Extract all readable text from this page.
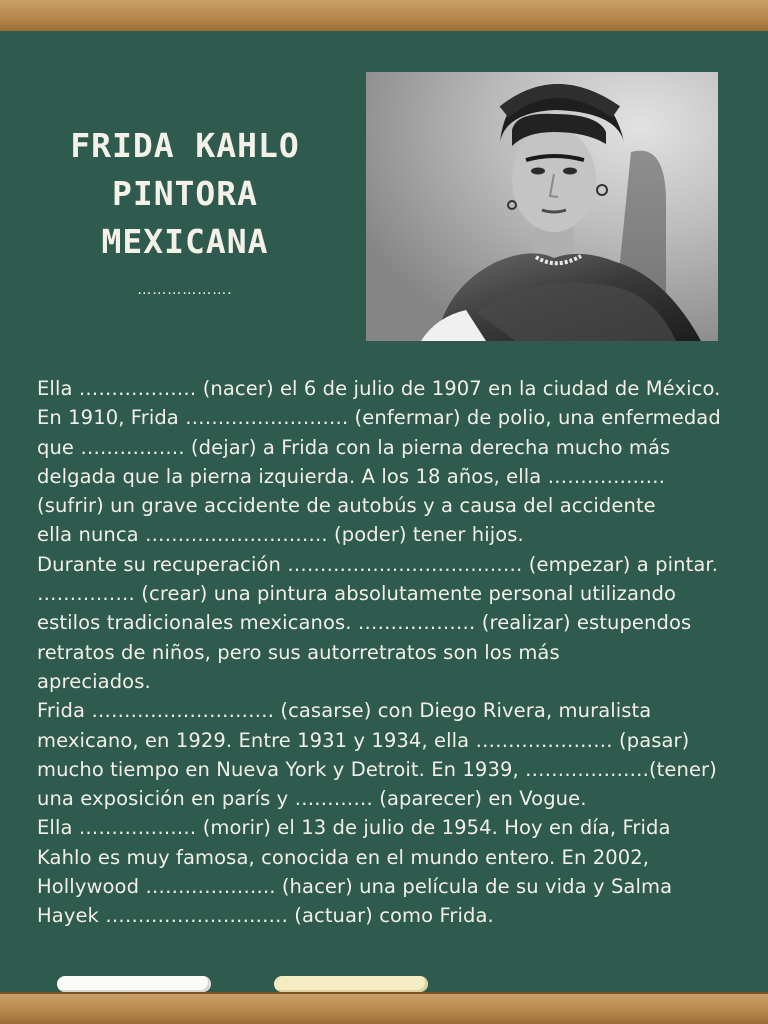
FRIDA KAHLO
PINTORA
MEXICANA
……………….

Ella ……………… (nacer) el 6 de julio de 1907 en la ciudad de México.

En 1910, Frida ……………………. (enfermar) de polio, una enfermedad

que ……………. (dejar) a Frida con la pierna derecha mucho más

delgada que la pierna izquierda. A los 18 años, ella ………………

(sufrir) un grave accidente de autobús y a causa del accidente

ella nunca ………………………. (poder) tener hijos.

Durante su recuperación ……………………………… (empezar) a pintar.

…………… (crear) una pintura absolutamente personal utilizando

estilos tradicionales mexicanos. ……………… (realizar) estupendos

retratos de niños, pero sus autorretratos son los más

apreciados.

Frida ………………………. (casarse) con Diego Rivera, muralista

mexicano, en 1929. Entre 1931 y 1934, ella ………………… (pasar)

mucho tiempo en Nueva York y Detroit. En 1939, ……………….(tener)

una exposición en parís y ………… (aparecer) en Vogue.

Ella ……………… (morir) el 13 de julio de 1954. Hoy en día, Frida

Kahlo es muy famosa, conocida en el mundo entero. En 2002,

Hollywood ……………….. (hacer) una película de su vida y Salma

Hayek ………………………. (actuar) como Frida.
